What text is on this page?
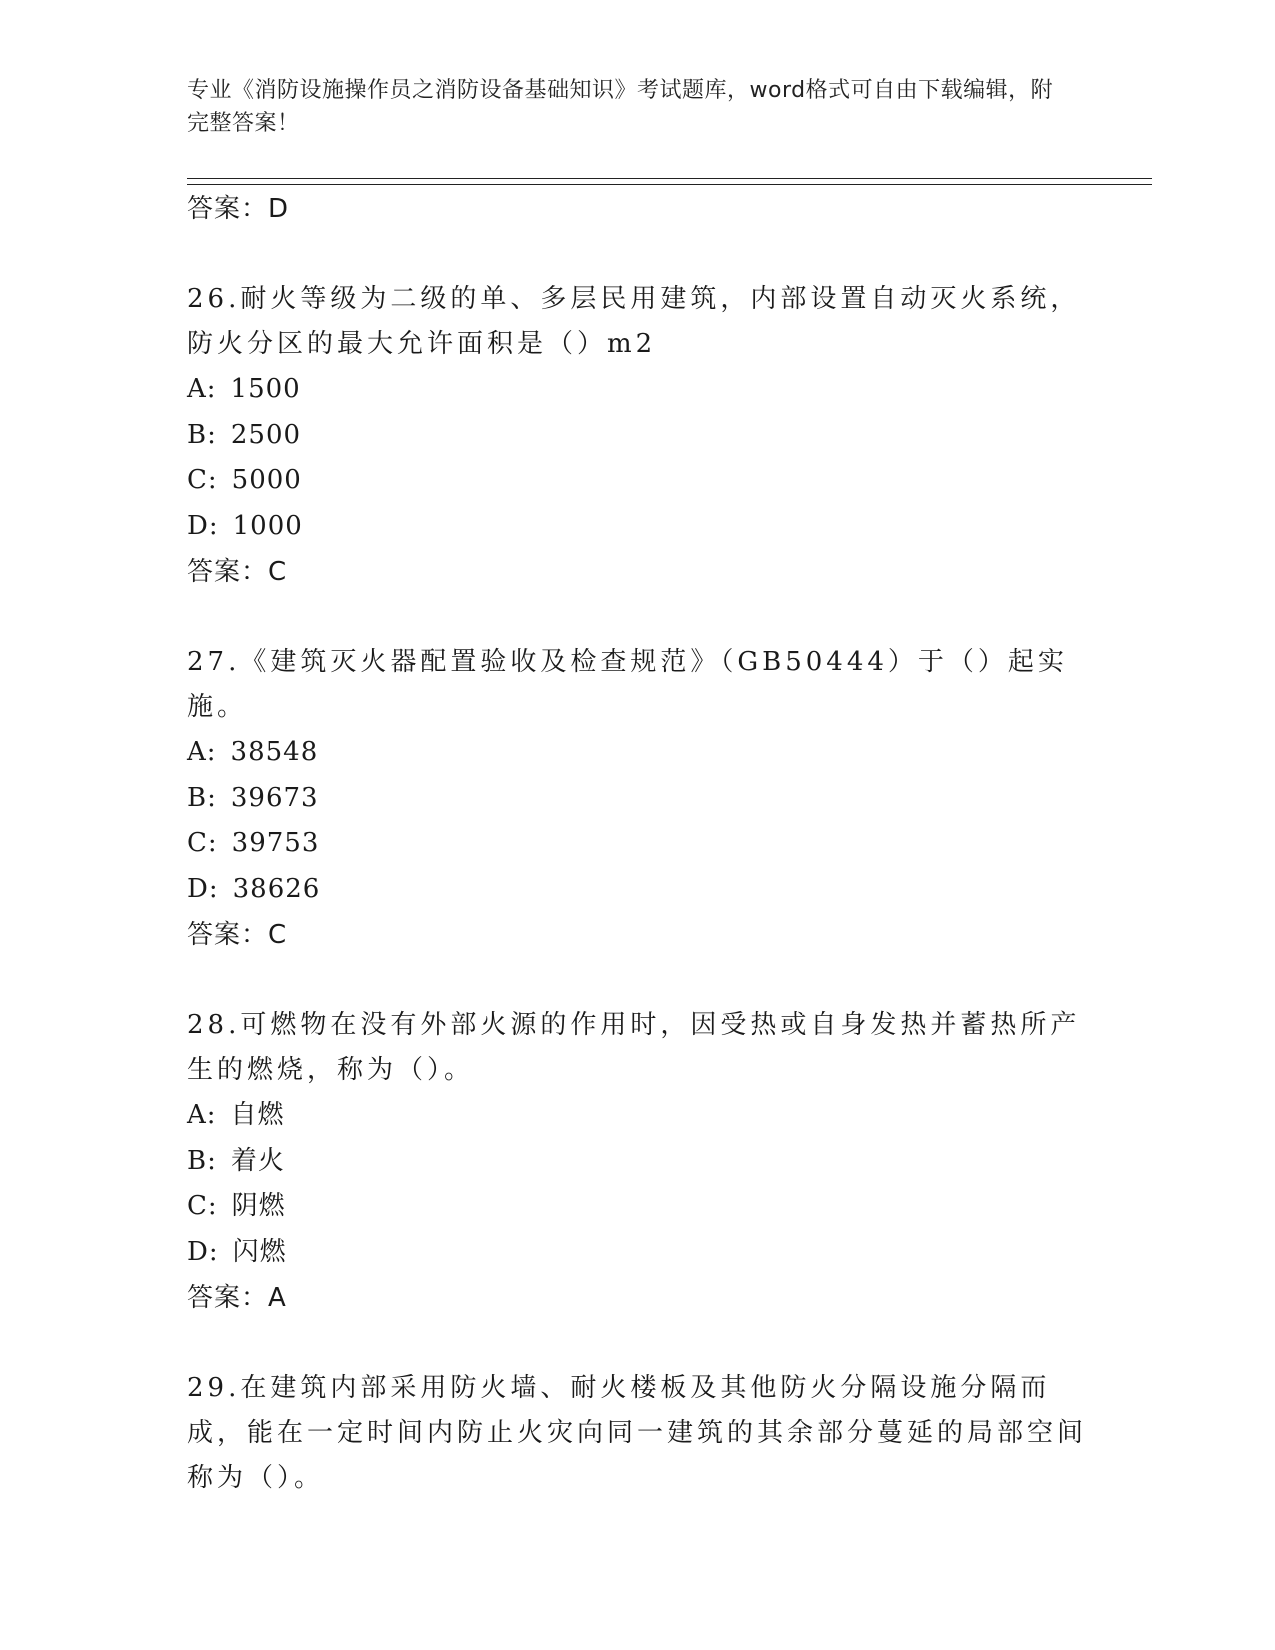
专业《消防设施操作员之消防设备基础知识》考试题库，word格式可自由下载编辑，附完整答案！
答案：D

26.耐火等级为二级的单、多层民用建筑，内部设置自动灭火系统，防火分区的最大允许面积是（）m2

A: 1500
B: 2500
C: 5000
D: 1000
答案：C

27.《建筑灭火器配置验收及检查规范》（GB50444）于（）起实施。

A: 38548
B: 39673
C: 39753
D: 38626
答案：C

28.可燃物在没有外部火源的作用时，因受热或自身发热并蓄热所产生的燃烧，称为（）。

A: 自燃
B: 着火
C: 阴燃
D: 闪燃
答案：A

29.在建筑内部采用防火墙、耐火楼板及其他防火分隔设施分隔而成，能在一定时间内防止火灾向同一建筑的其余部分蔓延的局部空间称为（）。
